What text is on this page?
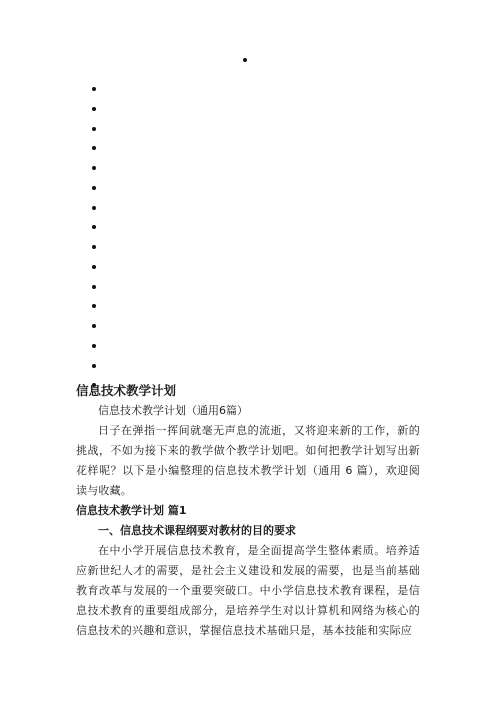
信息技术教学计划

信息技术教学计划（通用6篇）

日子在弹指一挥间就毫无声息的流逝，又将迎来新的工作，新的挑战，不如为接下来的教学做个教学计划吧。如何把教学计划写出新花样呢？以下是小编整理的信息技术教学计划（通用 6 篇），欢迎阅读与收藏。

信息技术教学计划 篇1
一、信息技术课程纲要对教材的目的要求

在中小学开展信息技术教育，是全面提高学生整体素质。培养适应新世纪人才的需要，是社会主义建设和发展的需要，也是当前基础教育改革与发展的一个重要突破口。中小学信息技术教育课程，是信息技术教育的重要组成部分，是培养学生对以计算机和网络为核心的信息技术的兴趣和意识，掌握信息技术基础只是，基本技能和实际应
